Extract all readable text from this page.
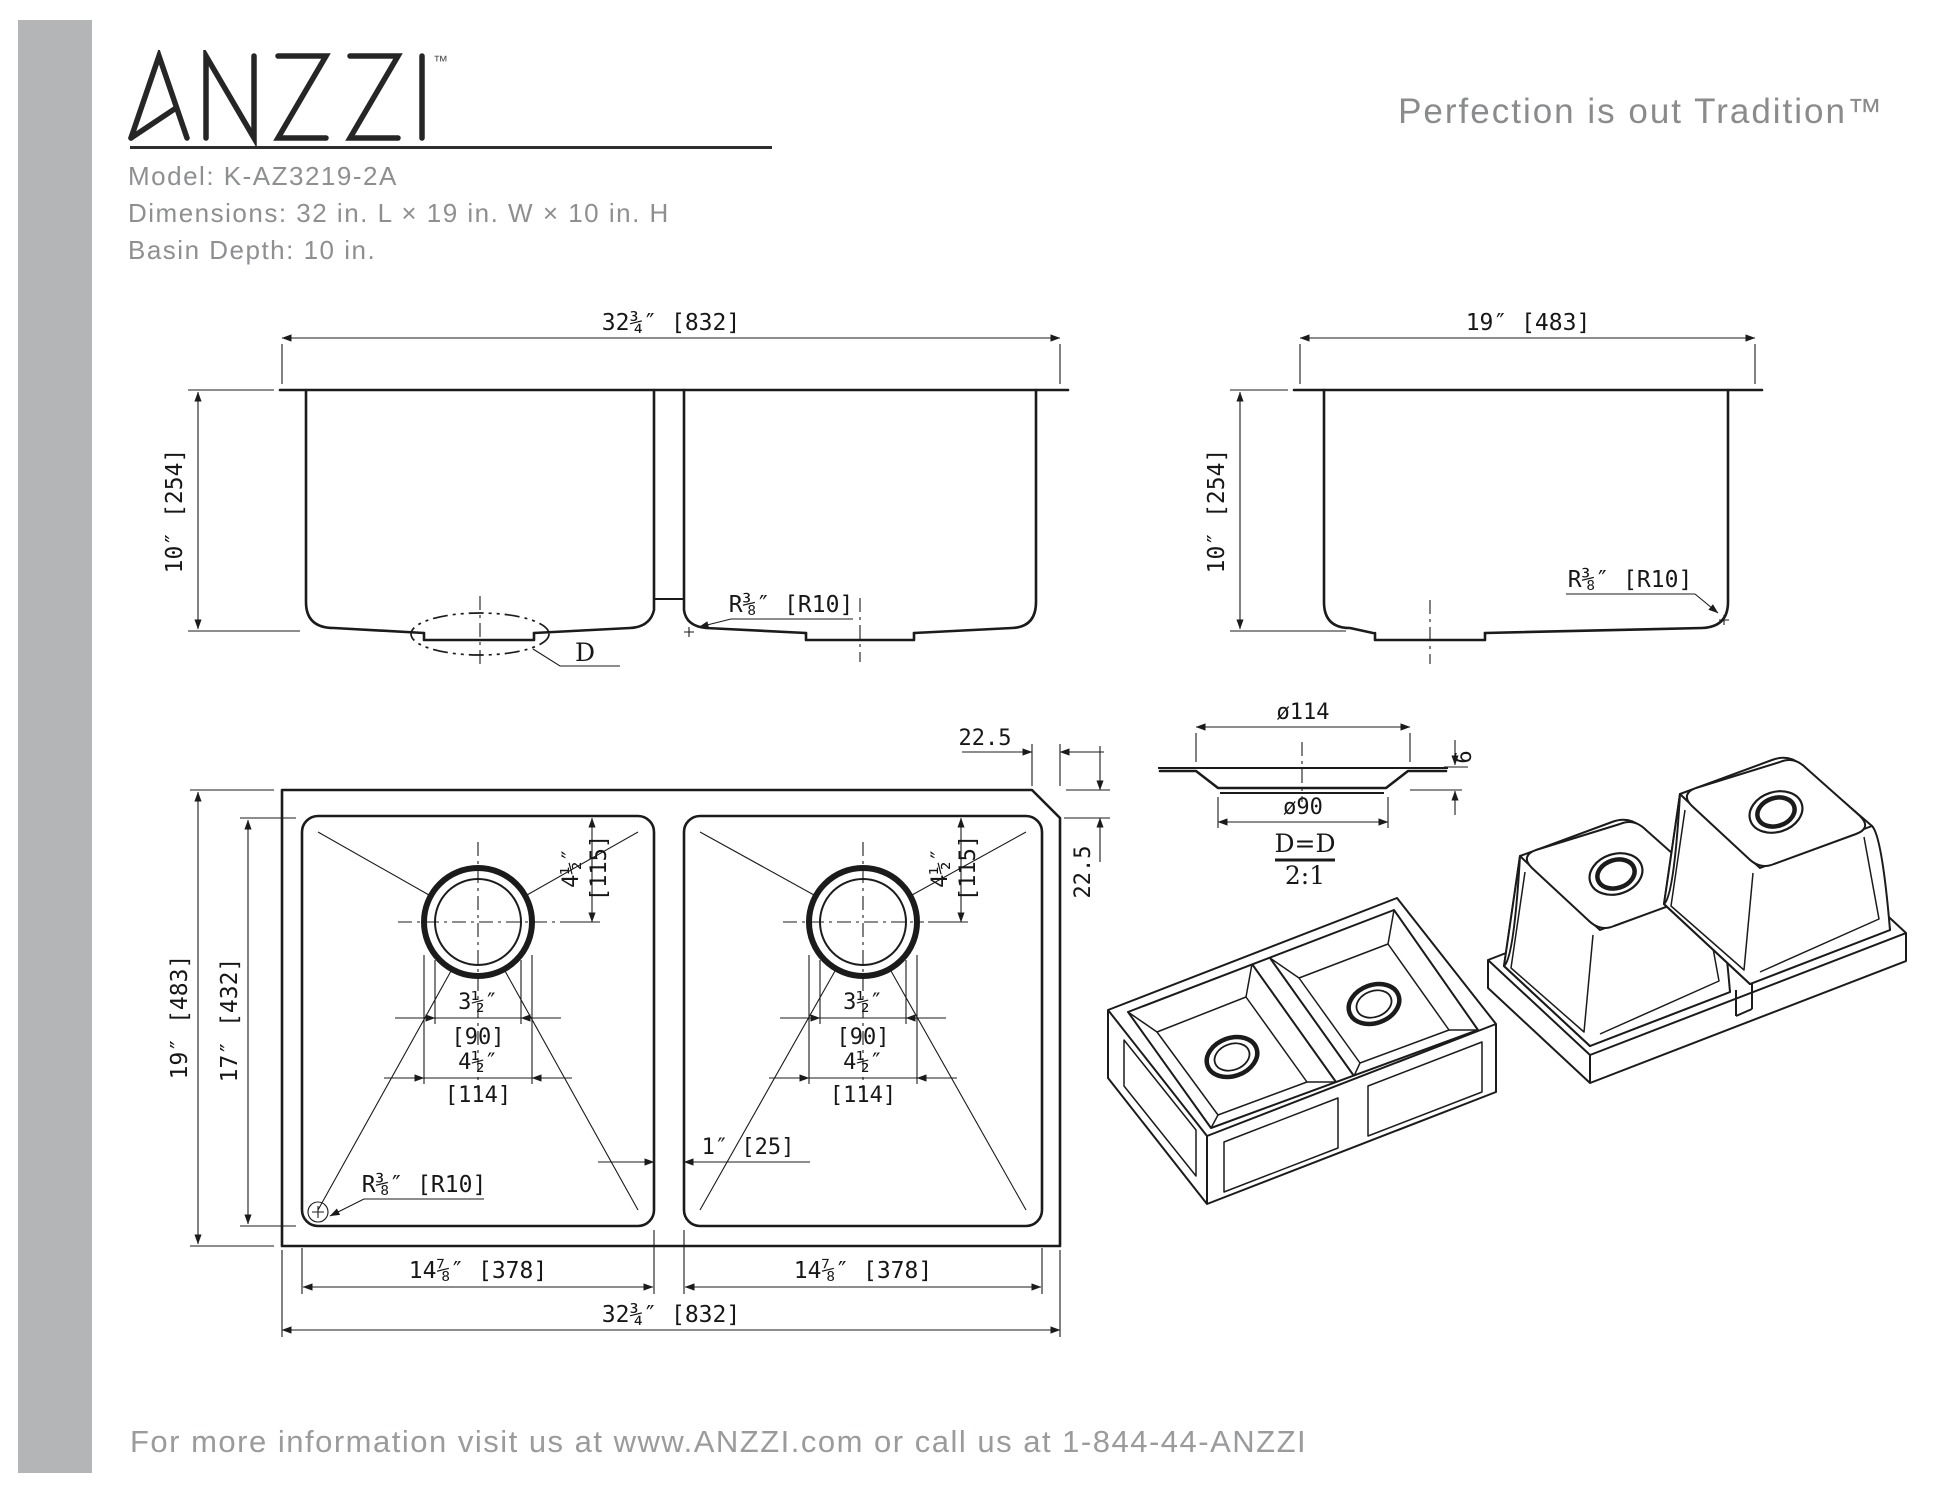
™
Model: K-AZ3219-2A
Dimensions: 32 in. L × 19 in. W × 10 in. H
Basin Depth: 10 in.
Perfection is out Tradition™
D
32¾″ [832]
10″ [254]
R⅜″ [R10]
19″ [483]
10″ [254]
R⅜″ [R10]
4½″ [115]	4½″ [115]
3½″
[90]
3½″
[90]
4½″
[114]
4½″
[114]
1″ [25]
R⅜″ [R10]
22.5
22.5
19″ [483] 17″ [432]
14⅞″ [378]	14⅞″ [378]
32¾″ [832]
ø114
ø90
6
D=D
2:1
For more information visit us at www.ANZZI.com or call us at 1-844-44-ANZZI
